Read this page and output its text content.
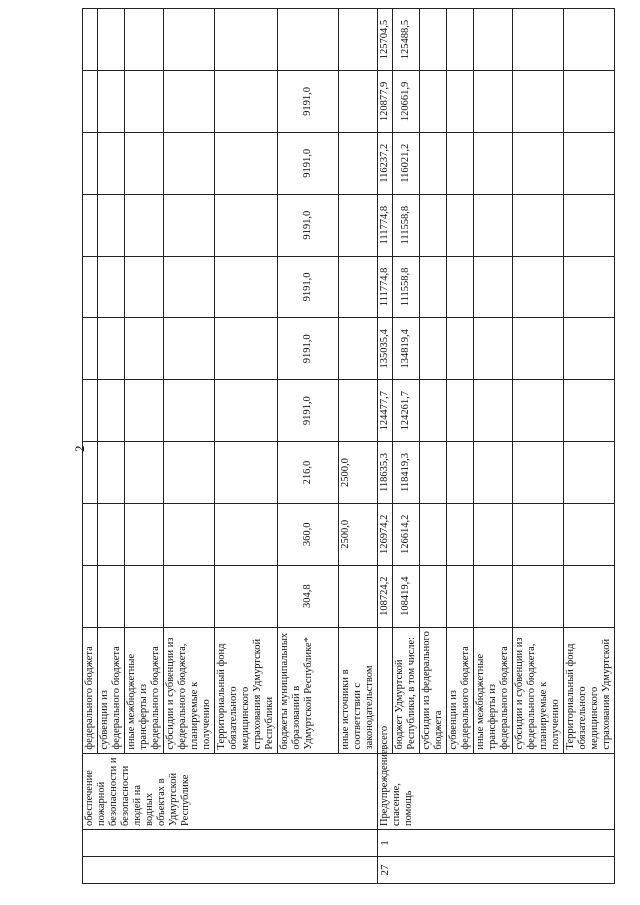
2
		обеспечение пожарной безопасности и безопасности людей на водных объектах в Удмуртской Республике	федерального бюджета										
			субвенции из федерального бюджета										
			иные межбюджетные трансферты из федерального бюджета										
			субсидии и субвенции из федерального бюджета, планируемые к получению										
			Территориальный фонд обязательного медицинского страхования Удмуртской Республики										
			бюджеты муниципальных образований в Удмуртской Республике*	304,8	360,0	216,0	9191,0	9191,0	9191,0	9191,0	9191,0	9191,0	
			иные источники в соответствии с законодательством		2500,0	2500,0							
27	1	Предупреждение, спасение, помощь	всего	108724,2	126974,2	118635,3	124477,7	135035,4	111774,8	111774,8	116237,2	120877,9	125704,5
			бюджет Удмуртской Республики, в том числе:	108419,4	126614,2	118419,3	124261,7	134819,4	111558,8	111558,8	116021,2	120661,9	125488,5
			субсидии из федерального бюджета										
			субвенции из федерального бюджета										
			иные межбюджетные трансферты из федерального бюджета										
			субсидии и субвенции из федерального бюджета, планируемые к получению										
			Территориальный фонд обязательного медицинского страхования Удмуртской										
